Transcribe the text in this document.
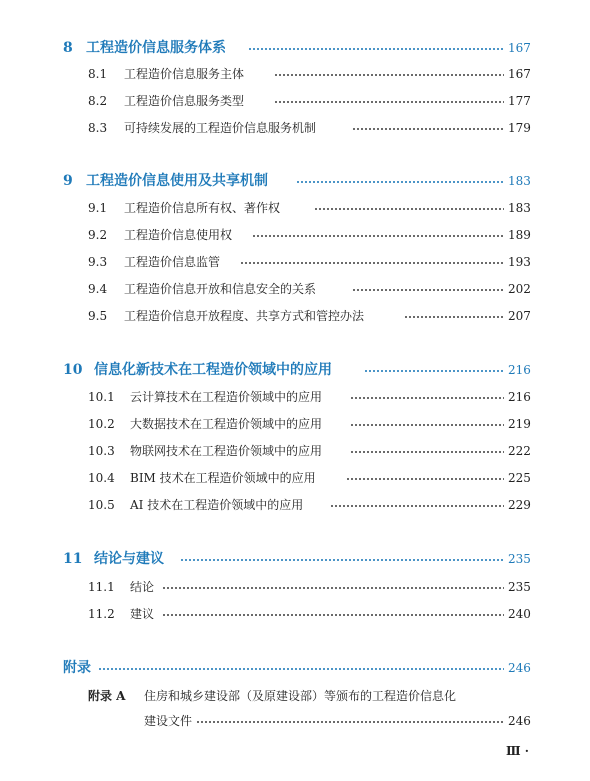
8 工程造价信息服务体系	167
8.1 工程造价信息服务主体	167
8.2 工程造价信息服务类型	177
8.3 可持续发展的工程造价信息服务机制	179
9 工程造价信息使用及共享机制	183
9.1 工程造价信息所有权、著作权	183
9.2 工程造价信息使用权	189
9.3 工程造价信息监管	193
9.4 工程造价信息开放和信息安全的关系	202
9.5 工程造价信息开放程度、共享方式和管控办法	207
10 信息化新技术在工程造价领域中的应用	216
10.1 云计算技术在工程造价领域中的应用	216
10.2 大数据技术在工程造价领域中的应用	219
10.3 物联网技术在工程造价领域中的应用	222
10.4 BIM 技术在工程造价领域中的应用	225
10.5 AI 技术在工程造价领域中的应用	229
11 结论与建议	235
11.1 结论	235
11.2 建议	240
附录	246
附录 A 住房和城乡建设部（及原建设部）等颁布的工程造价信息化
建设文件	246
Ⅲ ·
